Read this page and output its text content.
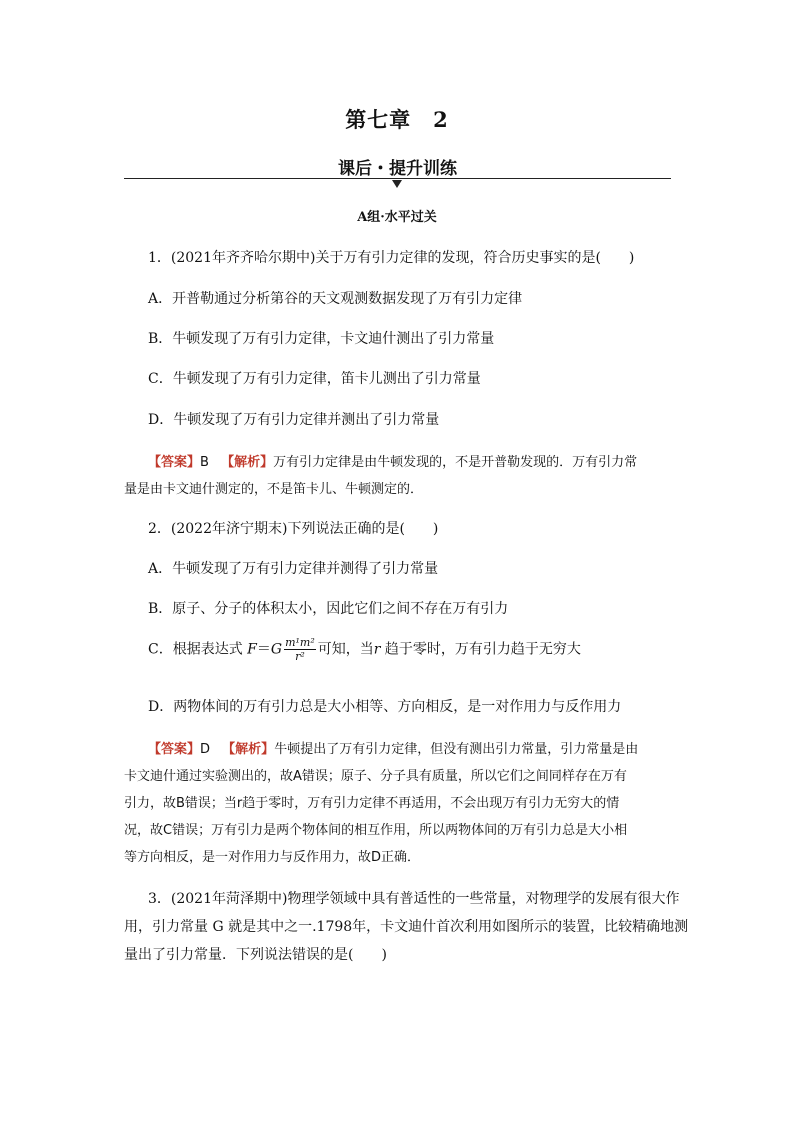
第七章　2
课后・提升训练
A组·水平过关
1．(2021年齐齐哈尔期中)关于万有引力定律的发现，符合历史事实的是(　　)
A．开普勒通过分析第谷的天文观测数据发现了万有引力定律
B．牛顿发现了万有引力定律，卡文迪什测出了引力常量
C．牛顿发现了万有引力定律，笛卡儿测出了引力常量
D．牛顿发现了万有引力定律并测出了引力常量
【答案】B 【解析】万有引力定律是由牛顿发现的，不是开普勒发现的．万有引力常
量是由卡文迪什测定的，不是笛卡儿、牛顿测定的．
2．(2022年济宁期末)下列说法正确的是(　　)
A．牛顿发现了万有引力定律并测得了引力常量
B．原子、分子的体积太小，因此它们之间不存在万有引力
C．根据表达式 $F=G \frac{\text{m¹m²}}{\text{r²}}$ 可知，当r 趋于零时，万有引力趋于无穷大
D．两物体间的万有引力总是大小相等、方向相反，是一对作用力与反作用力
【答案】D 【解析】牛顿提出了万有引力定律，但没有测出引力常量，引力常量是由
卡文迪什通过实验测出的，故A错误；原子、分子具有质量，所以它们之间同样存在万有
引力，故B错误；当r趋于零时，万有引力定律不再适用，不会出现万有引力无穷大的情
况，故C错误；万有引力是两个物体间的相互作用，所以两物体间的万有引力总是大小相
等方向相反，是一对作用力与反作用力，故D正确．
3．(2021年菏泽期中)物理学领域中具有普适性的一些常量，对物理学的发展有很大作
用，引力常量 G 就是其中之一.1798年，卡文迪什首次利用如图所示的装置，比较精确地测
量出了引力常量．下列说法错误的是(　　)
